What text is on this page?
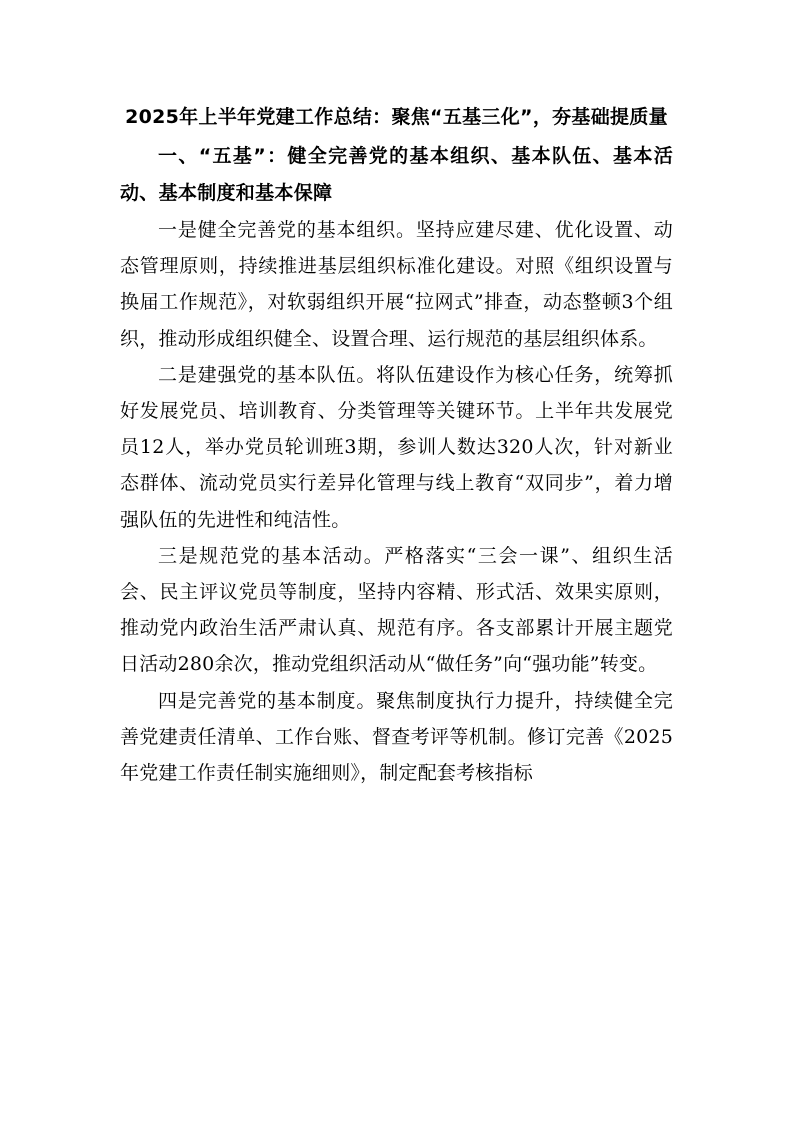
2025年上半年党建工作总结：聚焦“五基三化”，夯基础提质量

一、“五基”：健全完善党的基本组织、基本队伍、基本活动、基本制度和基本保障

一是健全完善党的基本组织。坚持应建尽建、优化设置、动态管理原则，持续推进基层组织标准化建设。对照《组织设置与换届工作规范》，对软弱组织开展“拉网式”排查，动态整顿3个组织，推动形成组织健全、设置合理、运行规范的基层组织体系。

二是建强党的基本队伍。将队伍建设作为核心任务，统筹抓好发展党员、培训教育、分类管理等关键环节。上半年共发展党员12人，举办党员轮训班3期，参训人数达320人次，针对新业态群体、流动党员实行差异化管理与线上教育“双同步”，着力增强队伍的先进性和纯洁性。

三是规范党的基本活动。严格落实“三会一课”、组织生活会、民主评议党员等制度，坚持内容精、形式活、效果实原则，推动党内政治生活严肃认真、规范有序。各支部累计开展主题党日活动280余次，推动党组织活动从“做任务”向“强功能”转变。

四是完善党的基本制度。聚焦制度执行力提升，持续健全完善党建责任清单、工作台账、督查考评等机制。修订完善《2025年党建工作责任制实施细则》，制定配套考核指标
